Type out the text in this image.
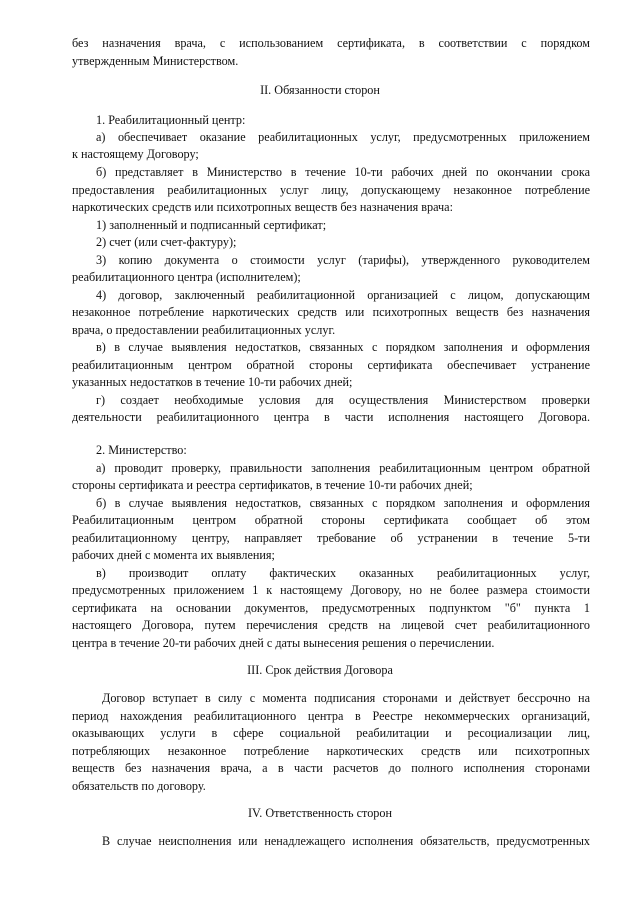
без назначения врача, с использованием сертификата, в соответствии с порядком
утвержденным Министерством.
II. Обязанности сторон
1. Реабилитационный центр:
а) обеспечивает оказание реабилитационных услуг, предусмотренных приложением
к настоящему Договору;
б) представляет в Министерство в течение 10-ти рабочих дней по окончании срока
предоставления реабилитационных услуг лицу, допускающему незаконное потребление
наркотических средств или психотропных веществ без назначения врача:
1) заполненный и подписанный сертификат;
2) счет (или счет-фактуру);
3) копию документа о стоимости услуг (тарифы), утвержденного руководителем
реабилитационного центра (исполнителем);
4) договор, заключенный реабилитационной организацией с лицом, допускающим
незаконное потребление наркотических средств или психотропных веществ без назначения
врача, о предоставлении реабилитационных услуг.
в) в случае выявления недостатков, связанных с порядком заполнения и оформления
реабилитационным центром обратной стороны сертификата обеспечивает устранение
указанных недостатков в течение 10-ти рабочих дней;
г) создает необходимые условия для осуществления Министерством проверки
деятельности реабилитационного центра в части исполнения настоящего Договора.
2. Министерство:
а) проводит проверку, правильности заполнения реабилитационным центром обратной
стороны сертификата и реестра сертификатов, в течение 10-ти рабочих дней;
б) в случае выявления недостатков, связанных с порядком заполнения и оформления
Реабилитационным центром обратной стороны сертификата сообщает об этом
реабилитационному центру, направляет требование об устранении в течение 5-ти
рабочих дней с момента их выявления;
в) производит оплату фактических оказанных реабилитационных услуг,
предусмотренных приложением 1 к настоящему Договору, но не более размера стоимости
сертификата на основании документов, предусмотренных подпунктом "б" пункта 1
настоящего Договора, путем перечисления средств на лицевой счет реабилитационного
центра в течение 20-ти рабочих дней с даты вынесения решения о перечислении.
III. Срок действия Договора
Договор вступает в силу с момента подписания сторонами и действует бессрочно на
период нахождения реабилитационного центра в Реестре некоммерческих организаций,
оказывающих услуги в сфере социальной реабилитации и ресоциализации лиц,
потребляющих незаконное потребление наркотических средств или психотропных
веществ без назначения врача, а в части расчетов до полного исполнения сторонами
обязательств по договору.
IV. Ответственность сторон
В случае неисполнения или ненадлежащего исполнения обязательств, предусмотренных
